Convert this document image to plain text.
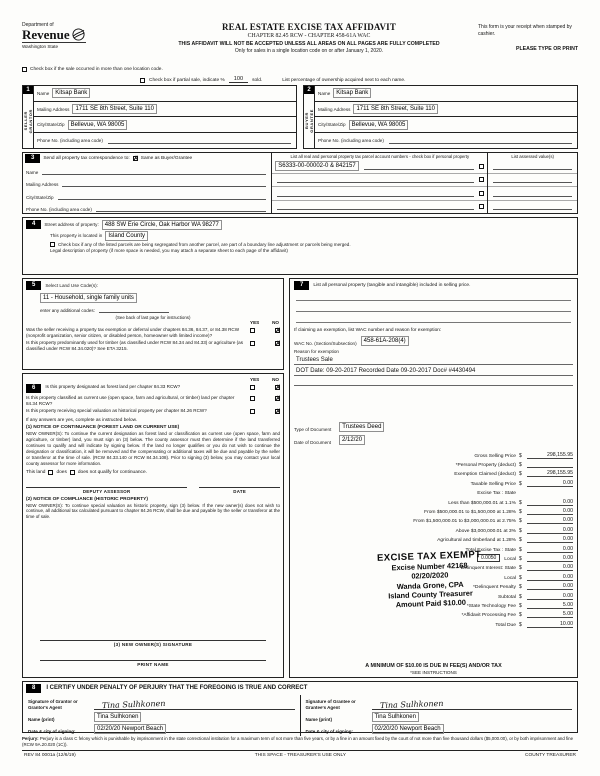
Department of
Revenue
Washington State
REAL ESTATE EXCISE TAX AFFIDAVIT
CHAPTER 82.45 RCW - CHAPTER 458-61A WAC
THIS AFFIDAVIT WILL NOT BE ACCEPTED UNLESS ALL AREAS ON ALL PAGES ARE FULLY COMPLETED
Only for sales in a single location code on or after January 1, 2020.
This form is your receipt when stamped by cashier.
PLEASE TYPE OR PRINT
Check box if the sale occurred in more than one location code.
Check box if partial sale, indicate %	100	sold.	List percentage of ownership acquired next to each name.
1
SELLER GRANTOR
Name	Kitsap Bank
Mailing Address	1711 SE 8th Street, Suite 110
City/State/Zip	Bellevue, WA 98005
Phone No. (including area code)
2
BUYER GRANTEE
Name	Kitsap Bank
Mailing Address	1711 SE 8th Street, Suite 110
City/State/Zip	Bellevue, WA 98005
Phone No. (including area code)
3	Send all property tax correspondence to: ✗ Same as Buyer/Grantee
Name
Mailing Address
City/State/Zip
Phone No. (including area code)
List all real and personal property tax parcel account numbers - check box if personal property
S6333-00-00002-0 & 842157
List assessed value(s)
4	Street address of property:	488 SW Erie Circle, Oak Harbor WA 98277
This property is located in	Island County
Check box if any of the listed parcels are being segregated from another parcel, are part of a boundary line adjustment or parcels being merged.
Legal description of property (if more space is needed, you may attach a separate sheet to each page of the affidavit)
5	Select Land Use Code(s):
11 - Household, single family units
enter any additional codes:
(See back of last page for instructions)
YES	NO
Was the seller receiving a property tax exemption or deferral under chapters 84.36, 84.37, or 84.38 RCW (nonprofit organization, senior citizen, or disabled person, homeowner with limited income)?
✗
Is this property predominantly used for timber (as classified under RCW 84.34 and 84.33) or agriculture (as classified under RCW 84.34.020)? See ETA 3215.
✗
YES	NO
6	Is this property designated as forest land per chapter 84.33 RCW?
✗
Is this property classified as current use (open space, farm and agricultural, or timber) land per chapter 84.34 RCW?
✗
Is this property receiving special valuation as historical property per chapter 84.26 RCW?
✗
If any answers are yes, complete as instructed below.
(1) NOTICE OF CONTINUANCE (FOREST LAND OR CURRENT USE)
NEW OWNER(S): To continue the current designation as forest land or classification as current use (open space, farm and agriculture, or timber) land, you must sign on (3) below. The county assessor must then determine if the land transferred continues to qualify and will indicate by signing below. If the land no longer qualifies or you do not wish to continue the designation or classification, it will be removed and the compensating or additional taxes will be due and payable by the seller or transferor at the time of sale. (RCW 84.33.140 or RCW 84.34.108). Prior to signing (3) below, you may contact your local county assessor for more information.
This land does does not qualify for continuance.
DEPUTY ASSESSOR	DATE
(2) NOTICE OF COMPLIANCE (HISTORIC PROPERTY)
NEW OWNER(S): To continue special valuation as historic property, sign (3) below. If the new owner(s) does not wish to continue, all additional tax calculated pursuant to chapter 84.26 RCW, shall be due and payable by the seller or transferor at the time of sale.
(3) NEW OWNER(S) SIGNATURE
PRINT NAME
7	List all personal property (tangible and intangible) included in selling price.
If claiming an exemption, list WAC number and reason for exemption:
WAC No. (Section/Subsection)	458-61A-208(4)
Reason for exemption
Trustees Sale
DOT Date: 09-20-2017 Recorded Date 09-20-2017 Doc# #4430494
Type of Document	Trustees Deed
Date of Document	2/12/20
Gross Selling Price $	298,155.95
*Personal Property (deduct) $
Exemption Claimed (deduct) $	298,155.95
Taxable Selling Price $	0.00
Excise Tax : State
Less than $500,000.01 at 1.1% $	0.00
From $500,000.01 to $1,500,000 at 1.28% $	0.00
From $1,500,000.01 to $3,000,000.01 at 2.75% $	0.00
Above $3,000,000.01 at 3% $	0.00
Agricultural and timberland at 1.28% $	0.00
Total Excise Tax : State $	0.00
0.0050	Local $	0.00
*Delinquent Interest: State $	0.00
Local $	0.00
*Delinquent Penalty $	0.00
Subtotal $	0.00
*State Technology Fee $	5.00
*Affidavit Processing Fee $	5.00
Total Due $	10.00
A MINIMUM OF $10.00 IS DUE IN FEE(S) AND/OR TAX
*SEE INSTRUCTIONS
EXCISE TAX EXEMPT
Excise Number 42168
02/20/2020
Wanda Grone, CPA
Island County Treasurer
Amount Paid $10.00
8	I CERTIFY UNDER PENALTY OF PERJURY THAT THE FOREGOING IS TRUE AND CORRECT
Signature of Grantor or Grantor's Agent	Tina Sulhkonen
Name (print)	Tina Sulhkonen
Date & city of signing:	02/20/20 Newport Beach
Signature of Grantee or Grantee's Agent	Tina Sulhkonen
Name (print)	Tina Sulhkonen
Date & city of signing:	02/20/20 Newport Beach
Perjury: Perjury is a class C felony which is punishable by imprisonment in the state correctional institution for a maximum term of not more than five years, or by a fine in an amount fixed by the court of not more than five thousand dollars ($5,000.00), or by both imprisonment and fine (RCW 9A.20.020 (1C)).
REV 84 0001a (12/6/19)	THIS SPACE - TREASURER'S USE ONLY	COUNTY TREASURER
